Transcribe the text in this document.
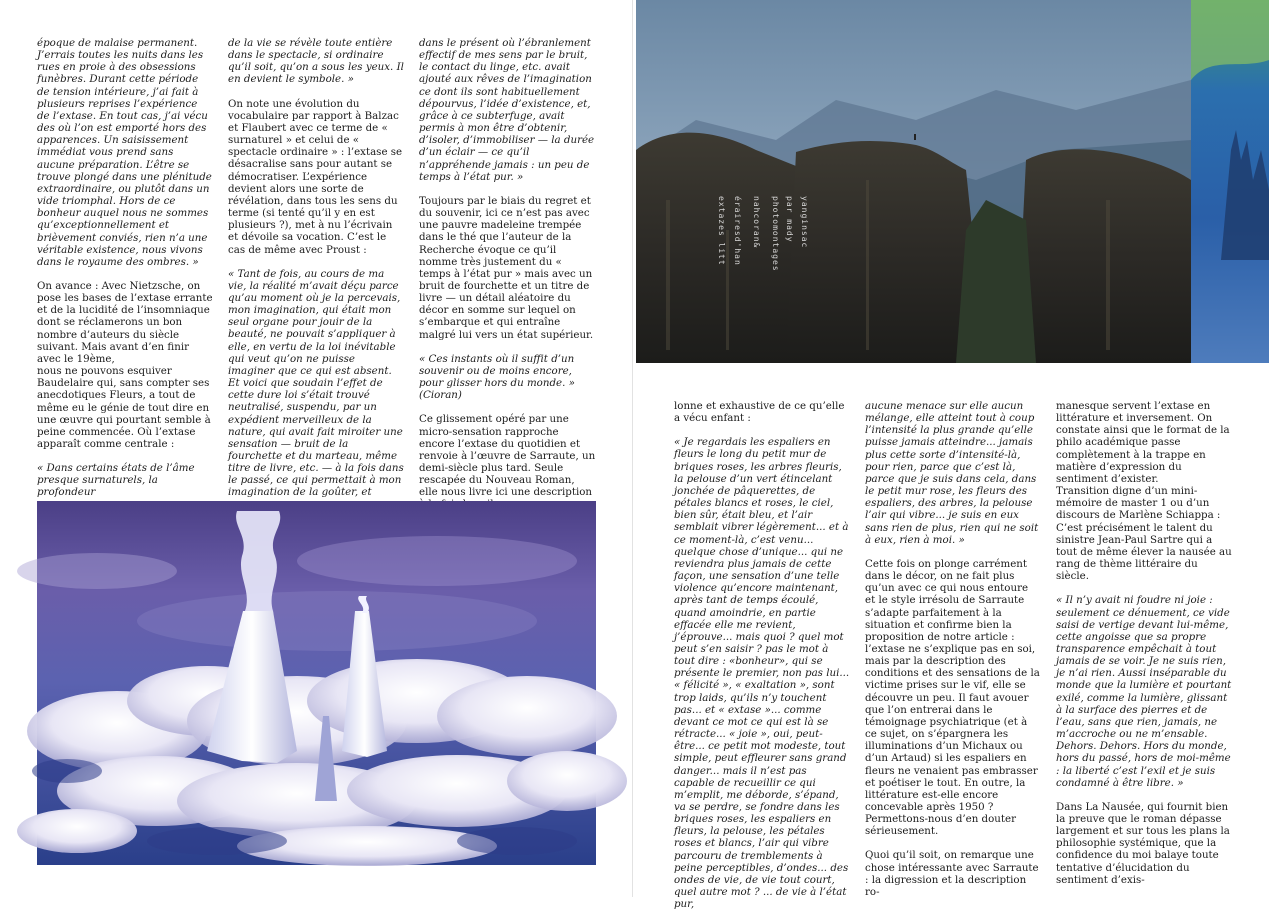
époque de malaise permanent. J’errais toutes les nuits dans les rues en proie à des obsessions funèbres. Durant cette période de tension intérieure, j’ai fait à plusieurs reprises l’expérience de l’extase. En tout cas, j’ai vécu des où l’on est emporté hors des apparences. Un saisissement immédiat vous prend sans aucune préparation. L’être se trouve plongé dans une plénitude extraordinaire, ou plutôt dans un vide triomphal. Hors de ce bonheur auquel nous ne sommes qu’exceptionnellement et brièvement conviés, rien n’a une véritable existence, nous vivons dans le royaume des ombres. »
On avance : Avec Nietzsche, on pose les bases de l’extase errante et de la lucidité de l’insomniaque dont se réclamerons un bon nombre d’auteurs du siècle suivant. Mais avant d’en finir avec le 19ème,
nous ne pouvons esquiver Baudelaire qui, sans compter ses anecdotiques Fleurs, a tout de même eu le génie de tout dire en une œuvre qui pourtant semble à peine commencée. Où l’extase apparaît comme centrale :
« Dans certains états de l’âme presque surnaturels, la profondeur
de la vie se révèle toute entière dans le spectacle, si ordinaire qu’il soit, qu’on a sous les yeux. Il en devient le symbole. »
On note une évolution du vocabulaire par rapport à Balzac et Flaubert avec ce terme de « surnaturel » et celui de « spectacle ordinaire » : l’extase se désacralise sans pour autant se démocratiser. L’expérience devient alors une sorte de révélation, dans tous les sens du terme (si tenté qu’il y en est plusieurs ?), met à nu l’écrivain et dévoile sa vocation. C’est le cas de même avec Proust :
« Tant de fois, au cours de ma vie, la réalité m’avait déçu parce qu’au moment où je la percevais, mon imagination, qui était mon seul organe pour jouir de la beauté, ne pouvait s’appliquer à elle, en vertu de la loi inévitable qui veut qu’on ne puisse imaginer que ce qui est absent. Et voici que soudain l’effet de cette dure loi s’était trouvé neutralisé, suspendu, par un expédient merveilleux de la nature, qui avait fait miroiter une sensation — bruit de la fourchette et du marteau, même titre de livre, etc. — à la fois dans le passé, ce qui permettait à mon imagination de la goûter, et
dans le présent où l’ébranlement effectif de mes sens par le bruit, le contact du linge, etc. avait ajouté aux rêves de l’imagination ce dont ils sont habituellement dépourvus, l’idée d’existence, et, grâce à ce subterfuge, avait permis à mon être d’obtenir, d’isoler, d’immobiliser — la durée d’un éclair — ce qu’il n’appréhende jamais : un peu de temps à l’état pur. »
Toujours par le biais du regret et du souvenir, ici ce n’est pas avec une pauvre madeleine trempée dans le thé que l’auteur de la Recherche évoque ce qu’il nomme très justement du « temps à l’état pur » mais avec un bruit de fourchette et un titre de livre — un détail aléatoire du décor en somme sur lequel on s’embarque et qui entraîne malgré lui vers un état supérieur.
« Ces instants où il suffit d’un souvenir ou de moins encore, pour glisser hors du monde. » (Cioran)
Ce glissement opéré par une micro-sensation rapproche encore l’extase du quotidien et renvoie à l’œuvre de Sarraute, un demi-siècle plus tard. Seule rescapée du Nouveau Roman, elle nous livre ici une description
extazes litt érairesd'han nahcoran& photomontages par mady yanginsac
lonne et exhaustive de ce qu’elle a vécu enfant :
« Je regardais les espaliers en fleurs le long du petit mur de briques roses, les arbres fleuris, la pelouse d’un vert étincelant jonchée de pâquerettes, de pétales blancs et roses, le ciel, bien sûr, était bleu, et l’air semblait vibrer légèrement... et à ce moment-là, c’est venu... quelque chose d’unique... qui ne reviendra plus jamais de cette façon, une sensation d’une telle violence qu’encore maintenant, après tant de temps écoulé, quand amoindrie, en partie effacée elle me revient, j’éprouve... mais quoi ? quel mot peut s’en saisir ? pas le mot à tout dire : «bonheur», qui se présente le premier, non pas lui... « félicité », « exaltation », sont trop laids, qu’ils n’y touchent pas... et « extase »... comme devant ce mot ce qui est là se rétracte... « joie », oui, peut-être... ce petit mot modeste, tout simple, peut effleurer sans grand danger... mais il n’est pas capable de recueillir ce qui m’emplit, me déborde, s’épand, va se perdre, se fondre dans les briques roses, les espaliers en fleurs, la pelouse, les pétales roses et blancs, l’air qui vibre parcouru de tremblements à peine perceptibles, d’ondes... des ondes de vie, de vie tout court, quel autre mot ? ... de vie à l’état pur,
aucune menace sur elle aucun mélange, elle atteint tout à coup l’intensité la plus grande qu’elle puisse jamais atteindre... jamais plus cette sorte d’intensité-là, pour rien, parce que c’est là, parce que je suis dans cela, dans le petit mur rose, les fleurs des espaliers, des arbres, la pelouse l’air qui vibre... je suis en eux sans rien de plus, rien qui ne soit à eux, rien à moi. »
Cette fois on plonge carrément dans le décor, on ne fait plus qu’un avec ce qui nous entoure et le style irrésolu de Sarraute s’adapte parfaitement à la situation et confirme bien la proposition de notre article : l’extase ne s’explique pas en soi, mais par la description des conditions et des sensations de la victime prises sur le vif, elle se découvre un peu. Il faut avouer que l’on entrerai dans le témoignage psychiatrique (et à ce sujet, on s’épargnera les illuminations d’un Michaux ou d’un Artaud) si les espaliers en fleurs ne venaient pas embrasser et poétiser le tout. En outre, la littérature est-elle encore concevable après 1950 ? Permettons-nous d’en douter sérieusement.
Quoi qu’il soit, on remarque une chose intéressante avec Sarraute : la digression et la description ro-
manesque servent l’extase en littérature et inversement. On constate ainsi que le format de la philo académique passe complètement à la trappe en matière d’expression du sentiment d’exister.
Transition digne d’un mini-mémoire de master 1 ou d’un discours de Marlène Schiappa : C’est précisément le talent du sinistre Jean-Paul Sartre qui a tout de même élever la nausée au rang de thème littéraire du siècle.
« Il n’y avait ni foudre ni joie : seulement ce dénuement, ce vide saisi de vertige devant lui-même, cette angoisse que sa propre transparence empêchait à tout jamais de se voir. Je ne suis rien, je n’ai rien. Aussi inséparable du monde que la lumière et pourtant exilé, comme la lumière, glissant à la surface des pierres et de l’eau, sans que rien, jamais, ne m’accroche ou ne m’ensable. Dehors. Dehors. Hors du monde, hors du passé, hors de moi-même : la liberté c’est l’exil et je suis condamné à être libre. »
Dans La Nausée, qui fournit bien la preuve que le roman dépasse largement et sur tous les plans la philosophie systémique, que la confidence du moi balaye toute tentative d’élucidation du sentiment d’exis-
